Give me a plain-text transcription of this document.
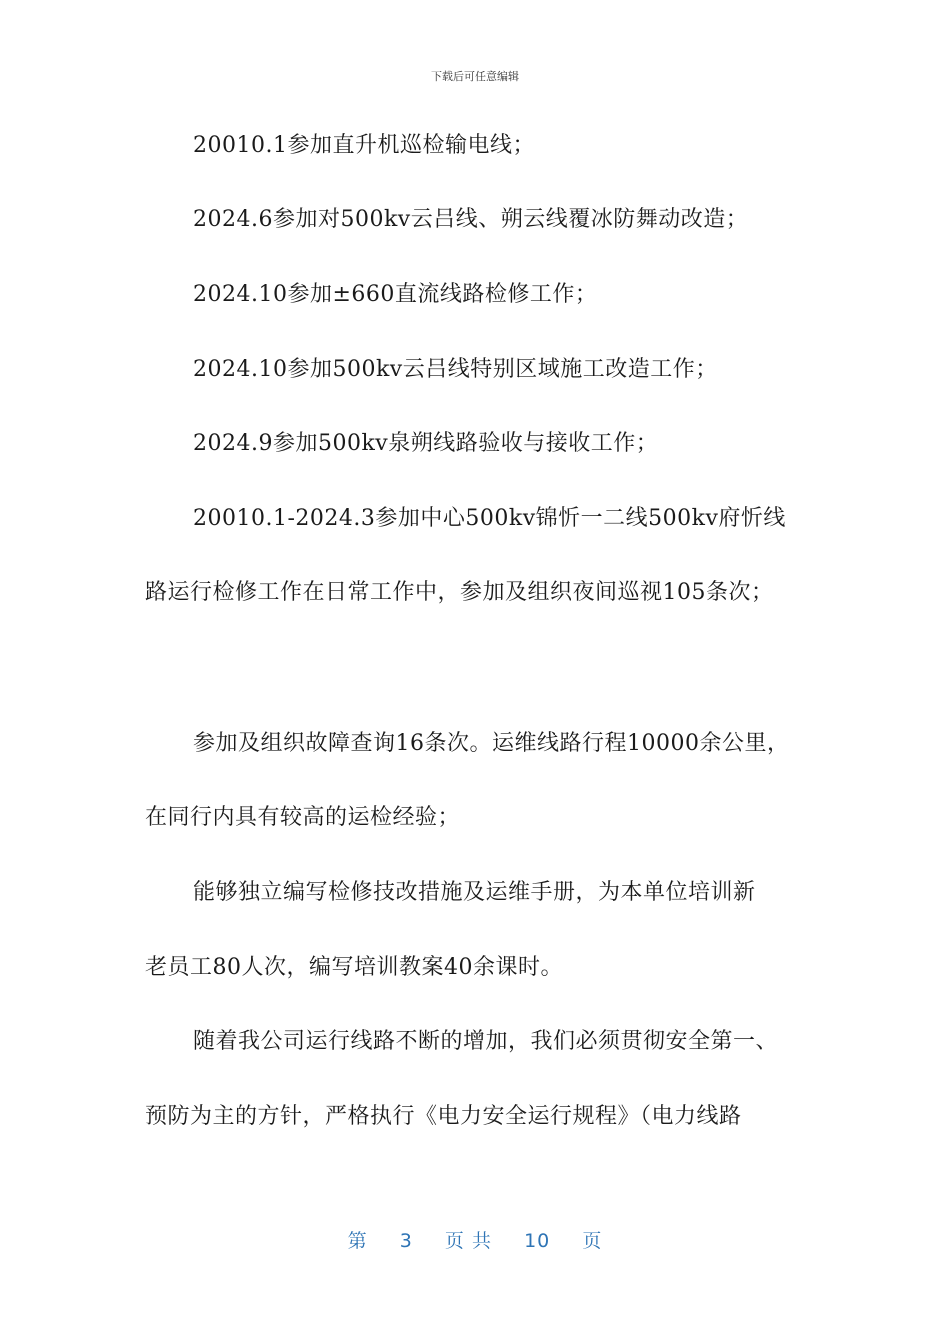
下载后可任意编辑
20010.1参加直升机巡检输电线；
2024.6参加对500kv云吕线、朔云线覆冰防舞动改造；
2024.10参加±660直流线路检修工作；
2024.10参加500kv云吕线特别区域施工改造工作；
2024.9参加500kv泉朔线路验收与接收工作；
20010.1-2024.3参加中心500kv锦忻一二线500kv府忻线
路运行检修工作在日常工作中，参加及组织夜间巡视105条次；
参加及组织故障查询16条次。运维线路行程10000余公里，
在同行内具有较高的运检经验；
能够独立编写检修技改措施及运维手册，为本单位培训新
老员工80人次，编写培训教案40余课时。
随着我公司运行线路不断的增加，我们必须贯彻安全第一、
预防为主的方针，严格执行《电力安全运行规程》（电力线路
第 3 页 共 10 页
